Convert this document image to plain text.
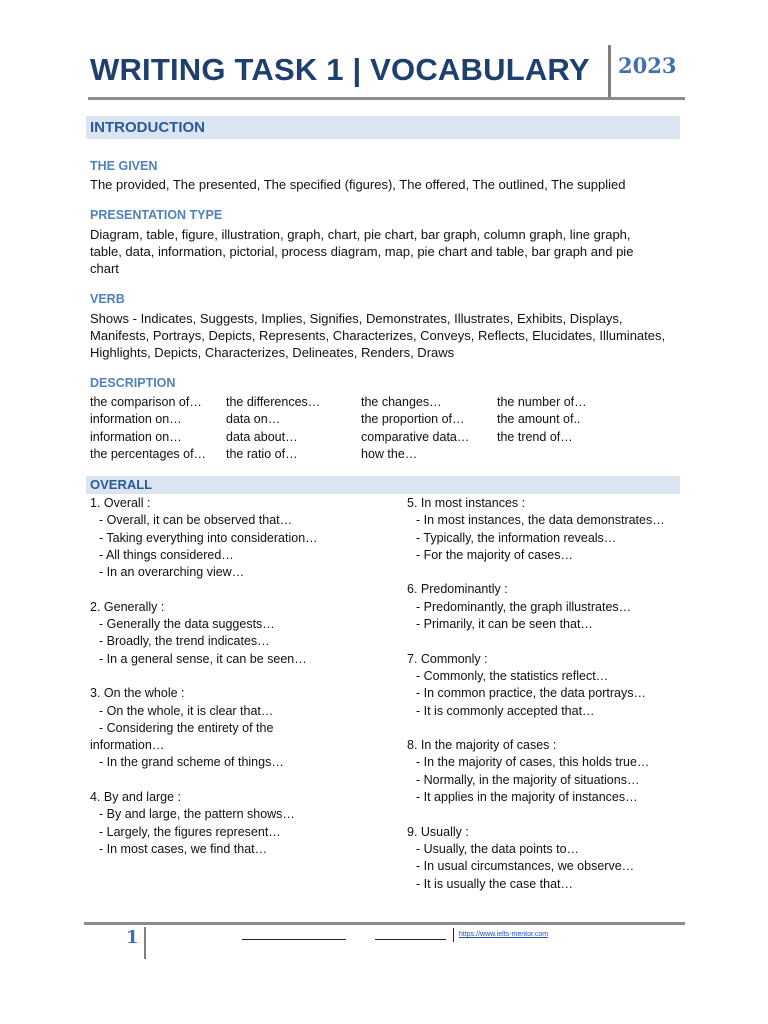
WRITING TASK 1 | VOCABULARY 2023
INTRODUCTION
THE GIVEN
The provided, The presented, The specified (figures), The offered, The outlined, The supplied
PRESENTATION TYPE
Diagram, table, figure, illustration, graph, chart, pie chart, bar graph, column graph, line graph,
table, data, information, pictorial, process diagram, map, pie chart and table, bar graph and pie
chart
VERB
Shows - Indicates, Suggests, Implies, Signifies, Demonstrates, Illustrates, Exhibits, Displays,
Manifests, Portrays, Depicts, Represents, Characterizes, Conveys, Reflects, Elucidates, Illuminates,
Highlights, Depicts, Characterizes, Delineates, Renders, Draws
DESCRIPTION
the comparison of…
information on…
information on…
the percentages of…
the differences…
data on…
data about…
the ratio of…
the changes…
the proportion of…
comparative data…
how the…
the number of…
the amount of..
the trend of…
OVERALL
1. Overall :
- Overall, it can be observed that…
- Taking everything into consideration…
- All things considered…
- In an overarching view…
2. Generally :
- Generally the data suggests…
- Broadly, the trend indicates…
- In a general sense, it can be seen…
3. On the whole :
- On the whole, it is clear that…
- Considering the entirety of the
information…
- In the grand scheme of things…
4. By and large :
- By and large, the pattern shows…
- Largely, the figures represent…
- In most cases, we find that…
5. In most instances :
- In most instances, the data demonstrates…
- Typically, the information reveals…
- For the majority of cases…
6. Predominantly :
- Predominantly, the graph illustrates…
- Primarily, it can be seen that…
7. Commonly :
- Commonly, the statistics reflect…
- In common practice, the data portrays…
- It is commonly accepted that…
8. In the majority of cases :
- In the majority of cases, this holds true…
- Normally, in the majority of situations…
- It applies in the majority of instances…
9. Usually :
- Usually, the data points to…
- In usual circumstances, we observe…
- It is usually the case that…
1	https://www.ielts-mentor.com
